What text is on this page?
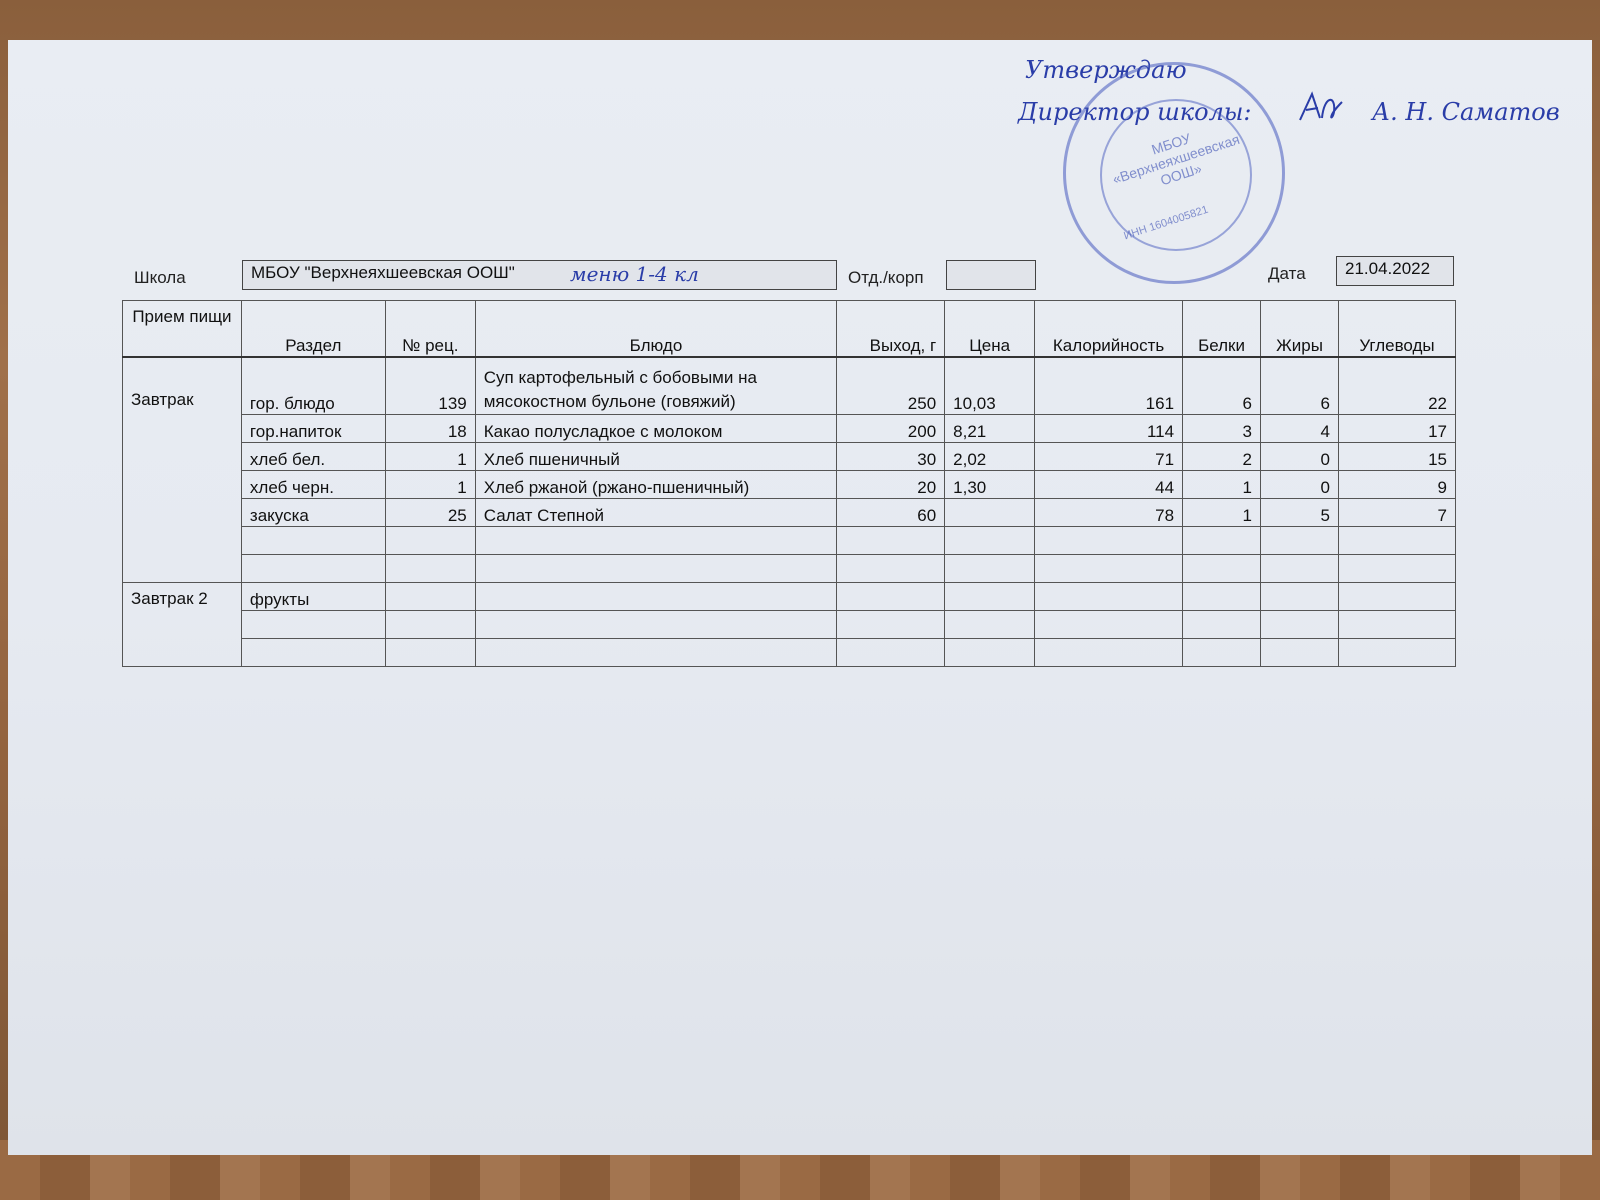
Утверждаю
Директор школы:	А. Н. Саматов
МБОУ «Верхнеяхшеевская ООШ»
ИНН 1604005821
Школа	МБОУ "Верхнеяхшеевская ООШ"	меню 1-4 кл	Отд./корп	Дата	21.04.2022
Прием пищи	Раздел	№ рец.	Блюдо	Выход, г	Цена	Калорийность	Белки	Жиры	Углеводы
Завтрак	гор. блюдо	139	Суп картофельный с бобовыми на мясокостном бульоне (говяжий)	250	10,03	161	6	6	22
	гор.напиток	18	Какао полусладкое с молоком	200	8,21	114	3	4	17
	хлеб бел.	1	Хлеб пшеничный	30	2,02	71	2	0	15
	хлеб черн.	1	Хлеб ржаной (ржано-пшеничный)	20	1,30	44	1	0	9
	закуска	25	Салат Степной	60		78	1	5	7

Завтрак 2	фрукты								
